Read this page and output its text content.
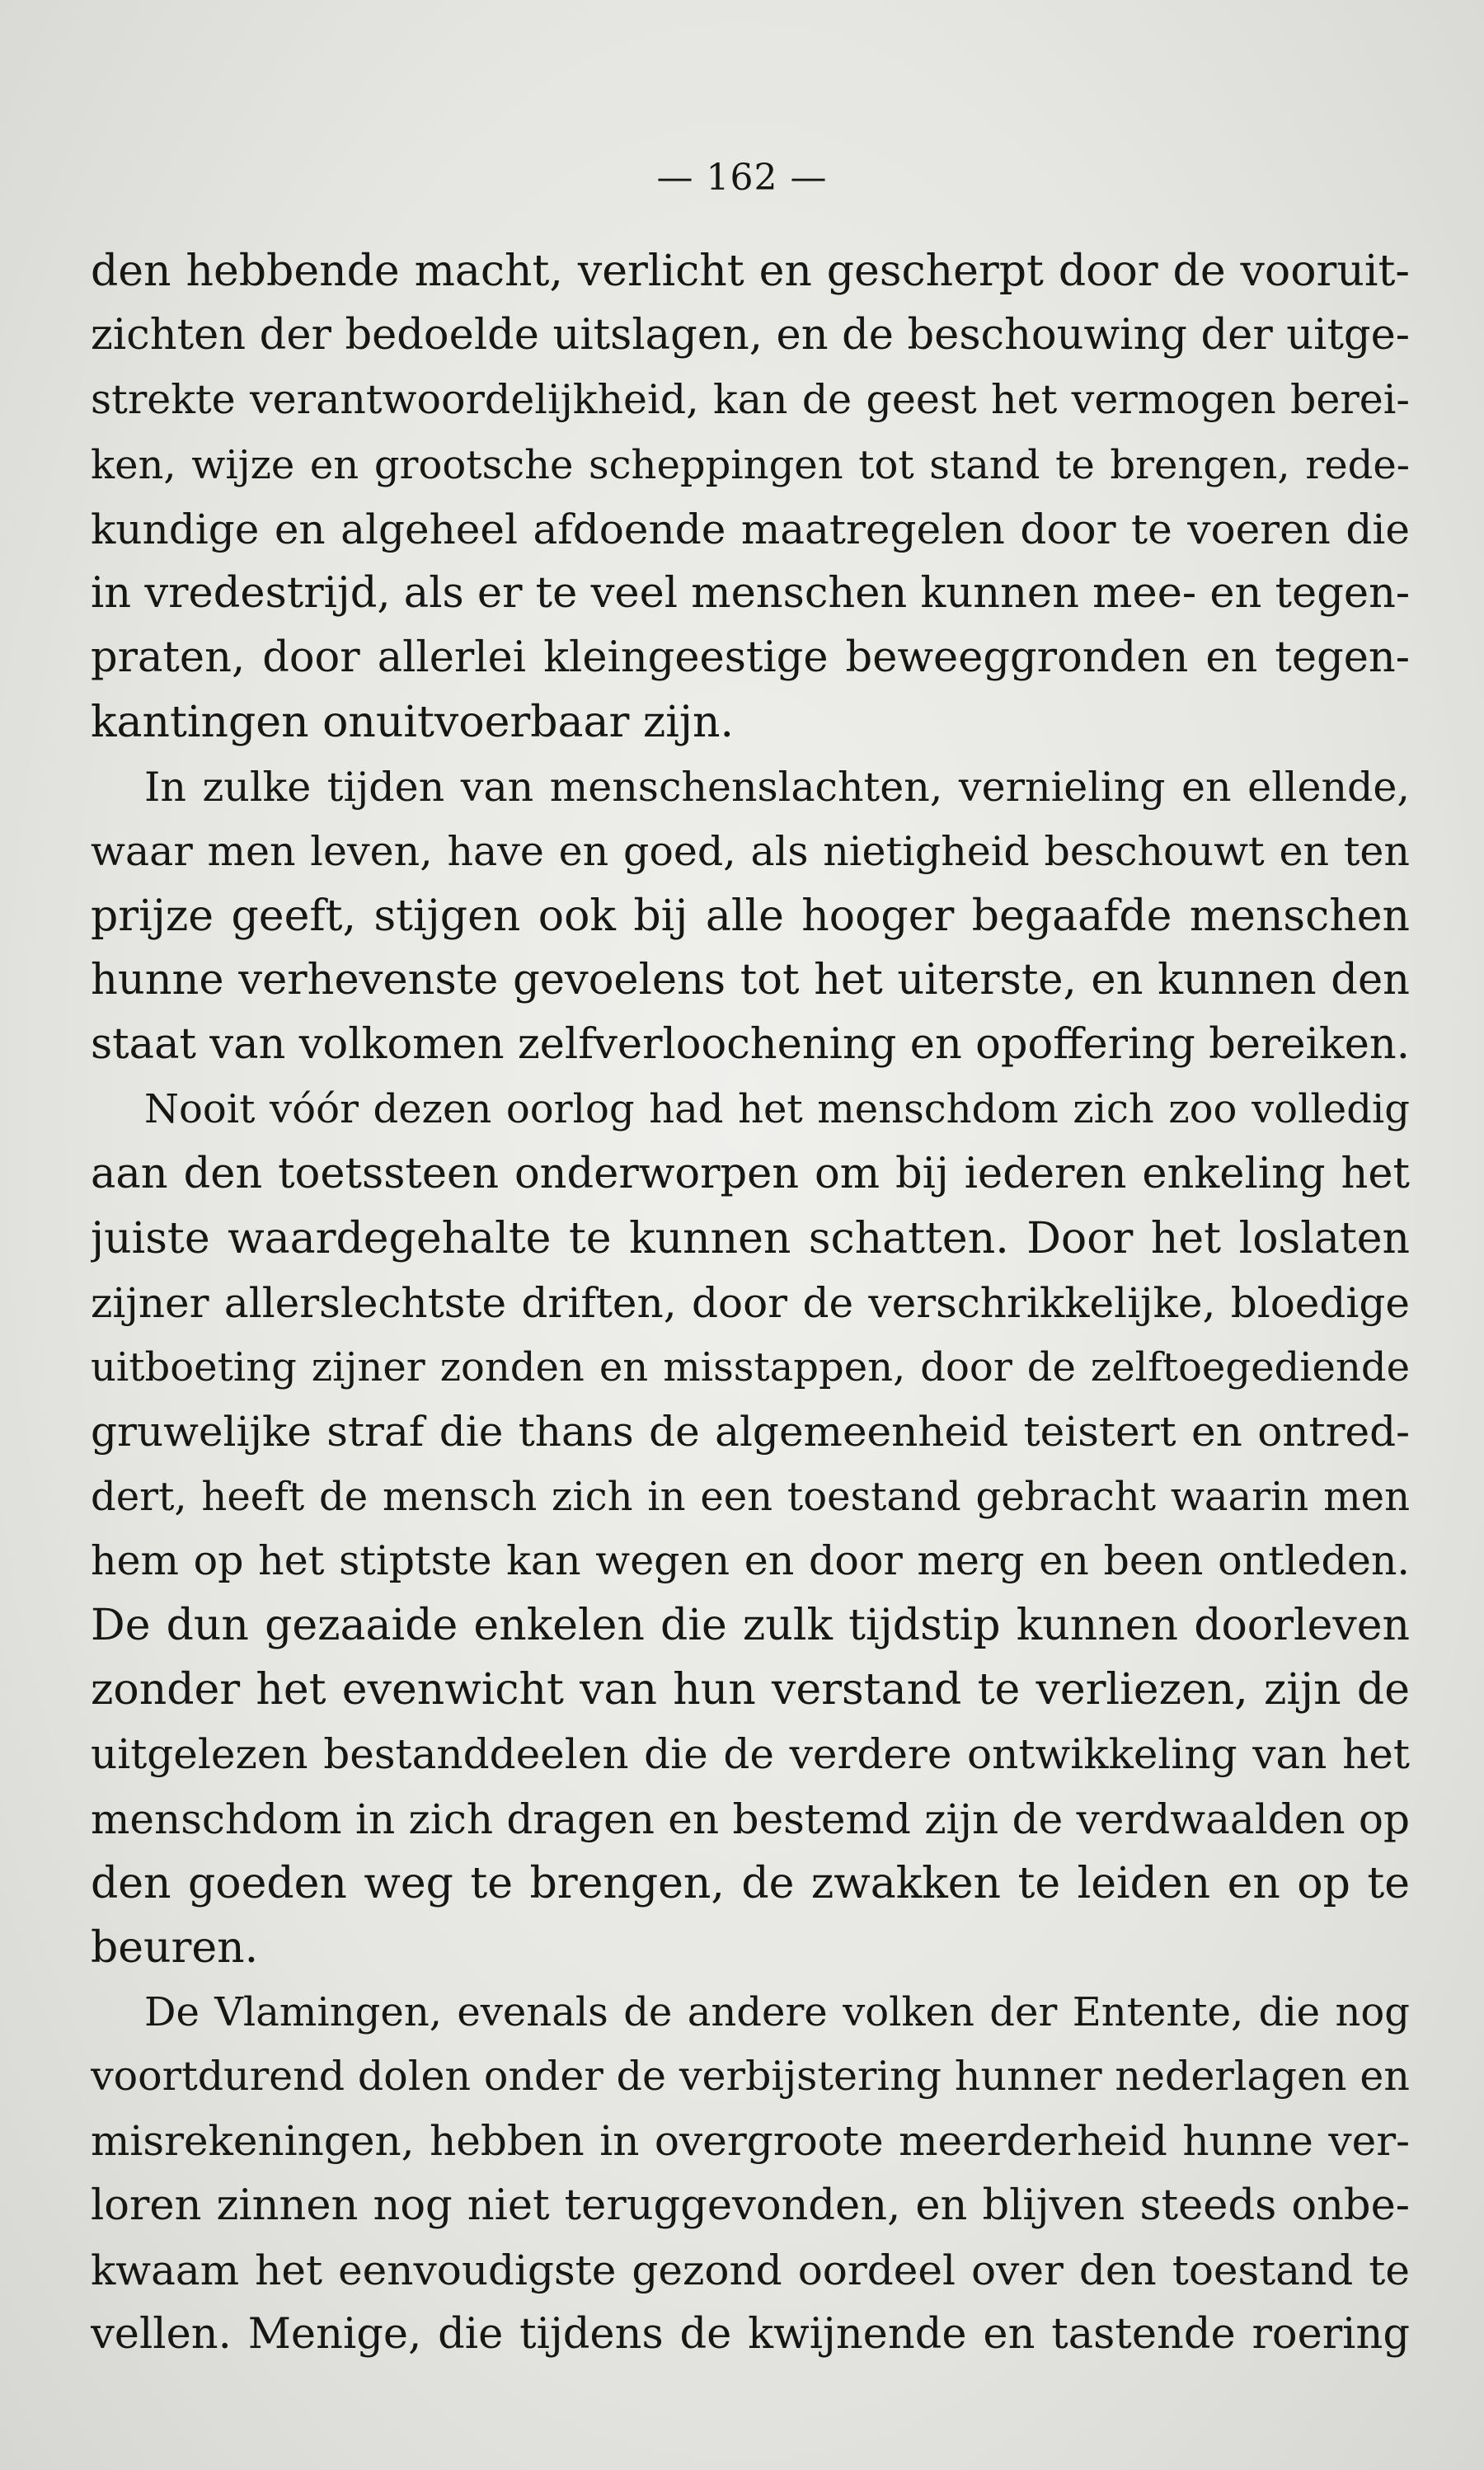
— 162 —
den hebbende macht, verlicht en gescherpt door de vooruit-
zichten der bedoelde uitslagen, en de beschouwing der uitge-
strekte verantwoordelijkheid, kan de geest het vermogen berei-
ken, wijze en grootsche scheppingen tot stand te brengen, rede-
kundige en algeheel afdoende maatregelen door te voeren die
in vredestrijd, als er te veel menschen kunnen mee- en tegen-
praten, door allerlei kleingeestige beweeggronden en tegen-
kantingen onuitvoerbaar zijn.
In zulke tijden van menschenslachten, vernieling en ellende,
waar men leven, have en goed, als nietigheid beschouwt en ten
prijze geeft, stijgen ook bij alle hooger begaafde menschen
hunne verhevenste gevoelens tot het uiterste, en kunnen den
staat van volkomen zelfverloochening en opoffering bereiken.
Nooit vóór dezen oorlog had het menschdom zich zoo volledig
aan den toetssteen onderworpen om bij iederen enkeling het
juiste waardegehalte te kunnen schatten. Door het loslaten
zijner allerslechtste driften, door de verschrikkelijke, bloedige
uitboeting zijner zonden en misstappen, door de zelftoegediende
gruwelijke straf die thans de algemeenheid teistert en ontred-
dert, heeft de mensch zich in een toestand gebracht waarin men
hem op het stiptste kan wegen en door merg en been ontleden.
De dun gezaaide enkelen die zulk tijdstip kunnen doorleven
zonder het evenwicht van hun verstand te verliezen, zijn de
uitgelezen bestanddeelen die de verdere ontwikkeling van het
menschdom in zich dragen en bestemd zijn de verdwaalden op
den goeden weg te brengen, de zwakken te leiden en op te
beuren.
De Vlamingen, evenals de andere volken der Entente, die nog
voortdurend dolen onder de verbijstering hunner nederlagen en
misrekeningen, hebben in overgroote meerderheid hunne ver-
loren zinnen nog niet teruggevonden, en blijven steeds onbe-
kwaam het eenvoudigste gezond oordeel over den toestand te
vellen. Menige, die tijdens de kwijnende en tastende roering
